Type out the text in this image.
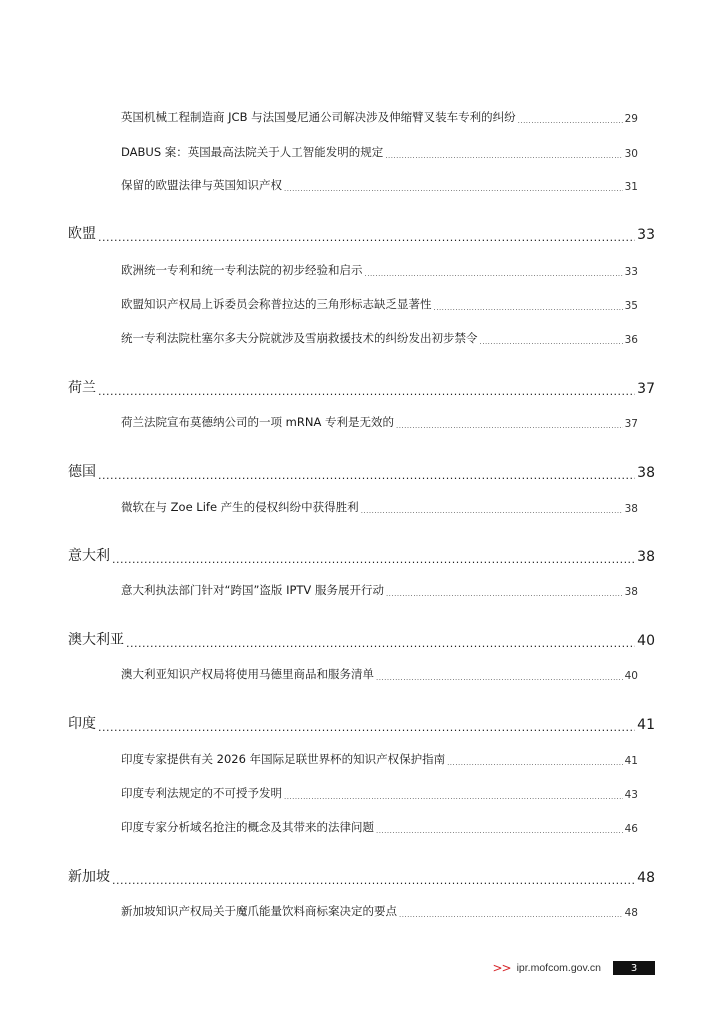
英国机械工程制造商 JCB 与法国曼尼通公司解决涉及伸缩臂叉装车专利的纠纷 .....	29
DABUS 案：英国最高法院关于人工智能发明的规定 .....	30
保留的欧盟法律与英国知识产权 .....	31
欧盟 .....	33
欧洲统一专利和统一专利法院的初步经验和启示 .....	33
欧盟知识产权局上诉委员会称普拉达的三角形标志缺乏显著性 .....	35
统一专利法院杜塞尔多夫分院就涉及雪崩救援技术的纠纷发出初步禁令 .....	36
荷兰 .....	37
荷兰法院宣布莫德纳公司的一项 mRNA 专利是无效的 .....	37
德国 .....	38
微软在与 Zoe Life 产生的侵权纠纷中获得胜利 .....	38
意大利 .....	38
意大利执法部门针对“跨国”盗版 IPTV 服务展开行动 .....	38
澳大利亚 .....	40
澳大利亚知识产权局将使用马德里商品和服务清单 .....	40
印度 .....	41
印度专家提供有关 2026 年国际足联世界杯的知识产权保护指南 .....	41
印度专利法规定的不可授予发明 .....	43
印度专家分析域名抢注的概念及其带来的法律问题 .....	46
新加坡 .....	48
新加坡知识产权局关于魔爪能量饮料商标案决定的要点 .....	48
>> ipr.mofcom.gov.cn	3
